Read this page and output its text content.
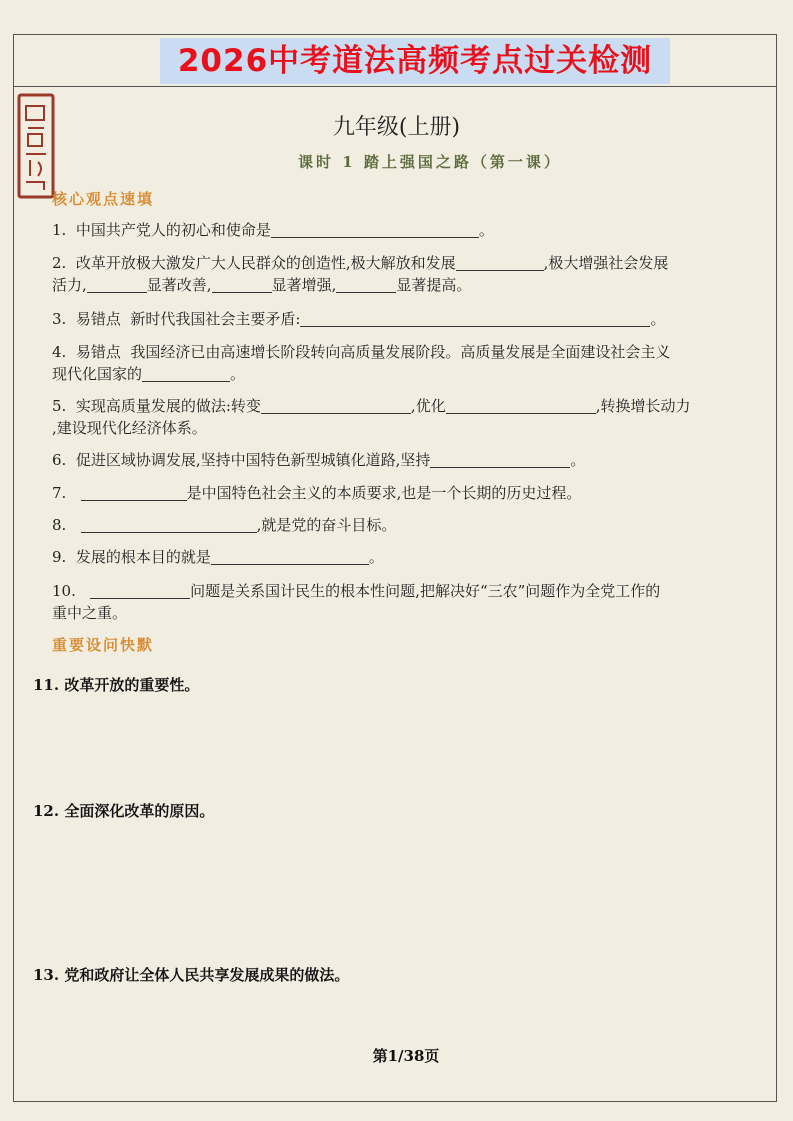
2026中考道法高频考点过关检测
九年级(上册)
课时 1 踏上强国之路（第一课）
核心观点速填
1. 中国共产党人的初心和使命是	。
2. 改革开放极大激发广大人民群众的创造性,极大解放和发展	,极大增强社会发展
活力,	显著改善,	显著增强,	显著提高。
3. 易错点 新时代我国社会主要矛盾:	。
4. 易错点 我国经济已由高速增长阶段转向高质量发展阶段。高质量发展是全面建设社会主义
现代化国家的	。
5. 实现高质量发展的做法:转变	,优化	,转换增长动力
,建设现代化经济体系。
6. 促进区域协调发展,坚持中国特色新型城镇化道路,坚持	。
7.	是中国特色社会主义的本质要求,也是一个长期的历史过程。
8.	,就是党的奋斗目标。
9. 发展的根本目的就是	。
10.	问题是关系国计民生的根本性问题,把解决好“三农”问题作为全党工作的
重中之重。
重要设问快默
11. 改革开放的重要性。
12. 全面深化改革的原因。
13. 党和政府让全体人民共享发展成果的做法。
第1/38页
